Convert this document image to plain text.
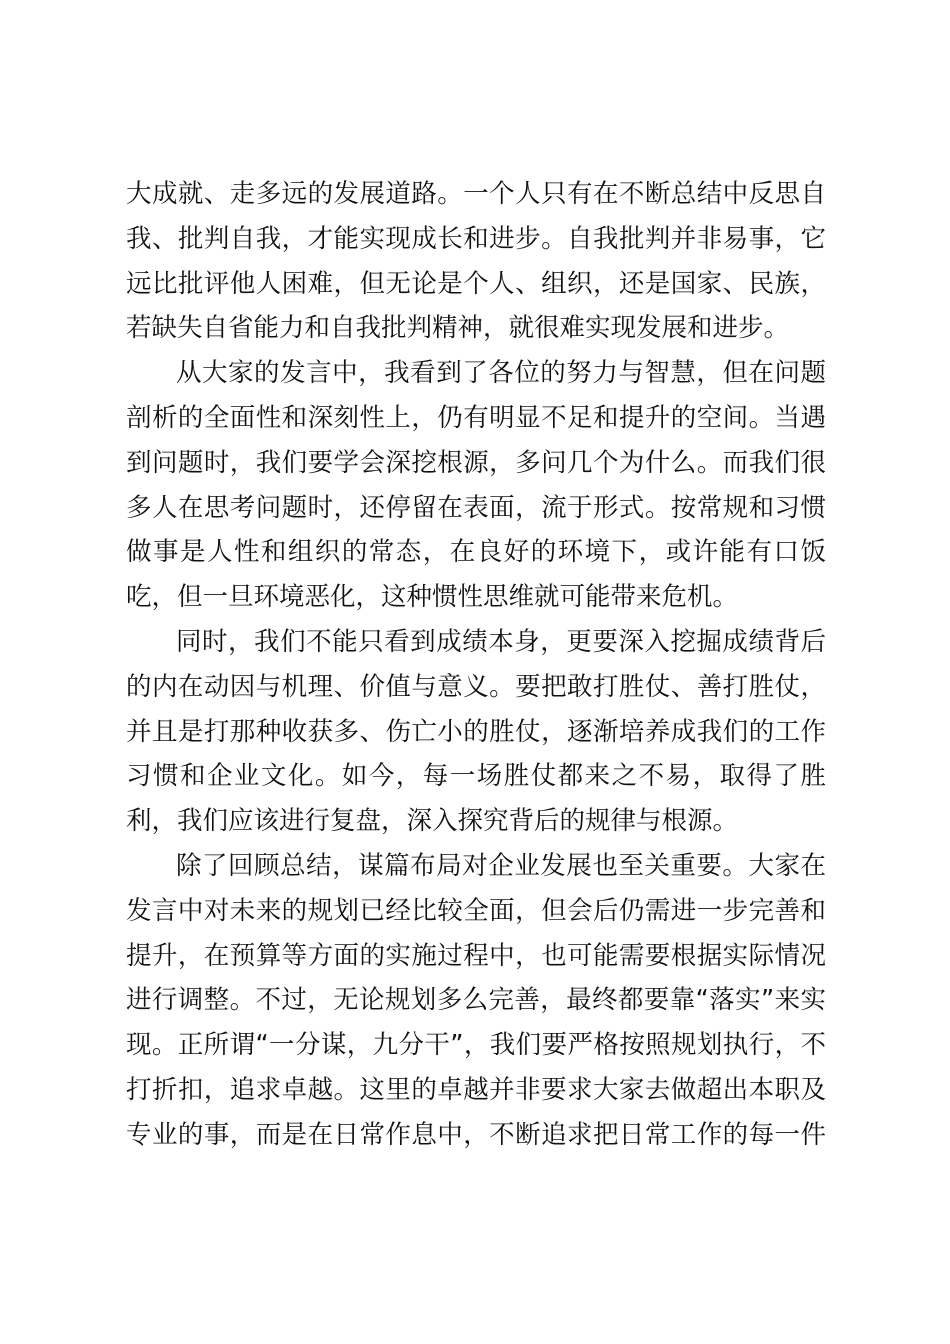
大成就、走多远的发展道路。一个人只有在不断总结中反思自
我、批判自我，才能实现成长和进步。自我批判并非易事，它
远比批评他人困难，但无论是个人、组织，还是国家、民族，
若缺失自省能力和自我批判精神，就很难实现发展和进步。
从大家的发言中，我看到了各位的努力与智慧，但在问题
剖析的全面性和深刻性上，仍有明显不足和提升的空间。当遇
到问题时，我们要学会深挖根源，多问几个为什么。而我们很
多人在思考问题时，还停留在表面，流于形式。按常规和习惯
做事是人性和组织的常态，在良好的环境下，或许能有口饭
吃，但一旦环境恶化，这种惯性思维就可能带来危机。
同时，我们不能只看到成绩本身，更要深入挖掘成绩背后
的内在动因与机理、价值与意义。要把敢打胜仗、善打胜仗，
并且是打那种收获多、伤亡小的胜仗，逐渐培养成我们的工作
习惯和企业文化。如今，每一场胜仗都来之不易，取得了胜
利，我们应该进行复盘，深入探究背后的规律与根源。
除了回顾总结，谋篇布局对企业发展也至关重要。大家在
发言中对未来的规划已经比较全面，但会后仍需进一步完善和
提升，在预算等方面的实施过程中，也可能需要根据实际情况
进行调整。不过，无论规划多么完善，最终都要靠“落实”来实
现。正所谓“一分谋，九分干”，我们要严格按照规划执行，不
打折扣，追求卓越。这里的卓越并非要求大家去做超出本职及
专业的事，而是在日常作息中，不断追求把日常工作的每一件
